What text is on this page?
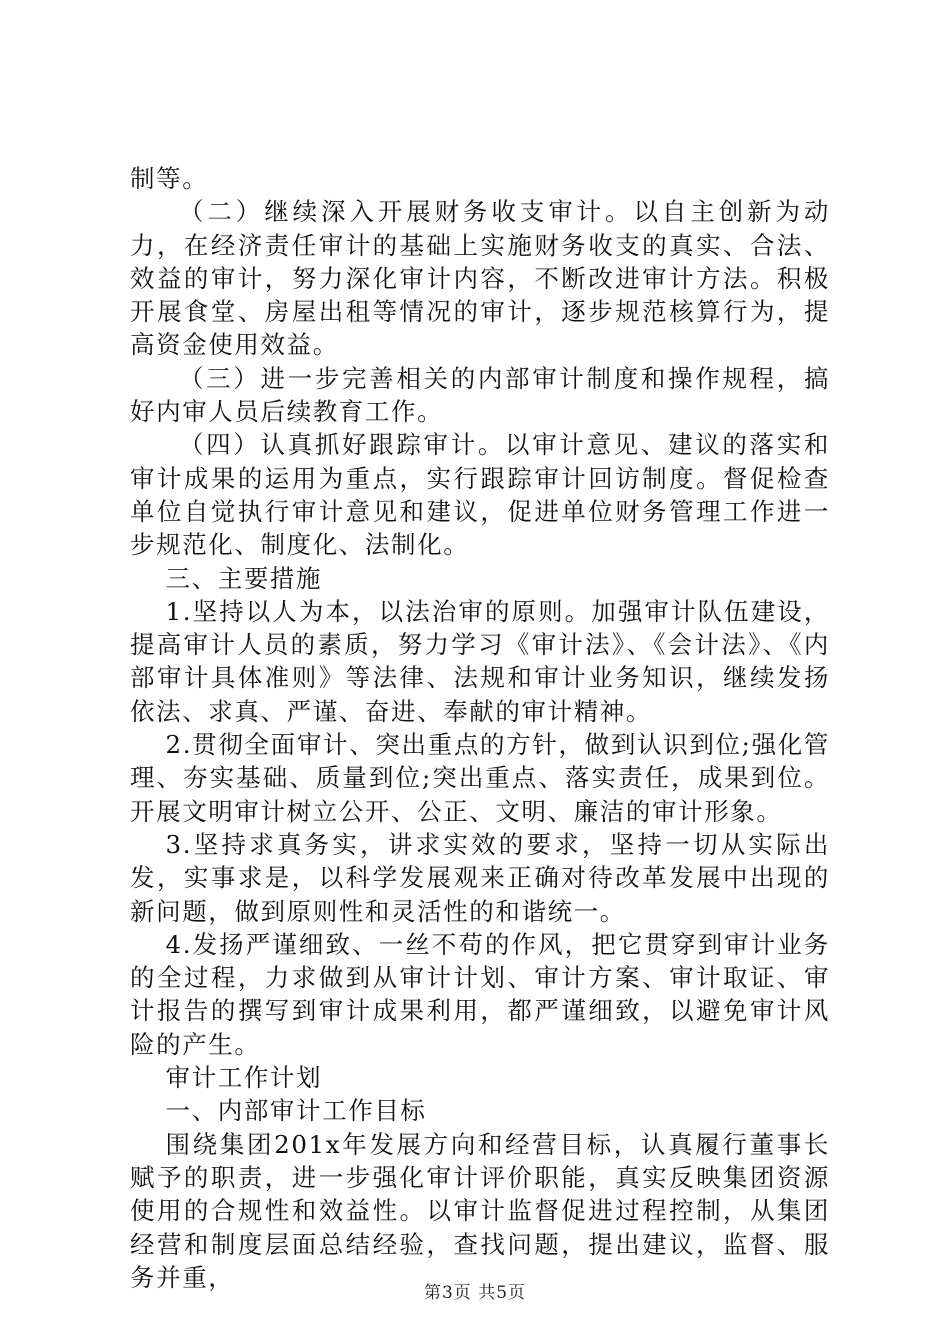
制等。

（二）继续深入开展财务收支审计。以自主创新为动力，在经济责任审计的基础上实施财务收支的真实、合法、效益的审计，努力深化审计内容，不断改进审计方法。积极开展食堂、房屋出租等情况的审计，逐步规范核算行为，提高资金使用效益。

（三）进一步完善相关的内部审计制度和操作规程，搞好内审人员后续教育工作。

（四）认真抓好跟踪审计。以审计意见、建议的落实和审计成果的运用为重点，实行跟踪审计回访制度。督促检查单位自觉执行审计意见和建议，促进单位财务管理工作进一步规范化、制度化、法制化。

三、主要措施

1.坚持以人为本，以法治审的原则。加强审计队伍建设，提高审计人员的素质，努力学习《审计法》、《会计法》、《内部审计具体准则》等法律、法规和审计业务知识，继续发扬依法、求真、严谨、奋进、奉献的审计精神。

2.贯彻全面审计、突出重点的方针，做到认识到位;强化管理、夯实基础、质量到位;突出重点、落实责任，成果到位。开展文明审计树立公开、公正、文明、廉洁的审计形象。

3.坚持求真务实，讲求实效的要求，坚持一切从实际出发，实事求是，以科学发展观来正确对待改革发展中出现的新问题，做到原则性和灵活性的和谐统一。

4.发扬严谨细致、一丝不苟的作风，把它贯穿到审计业务的全过程，力求做到从审计计划、审计方案、审计取证、审计报告的撰写到审计成果利用，都严谨细致，以避免审计风险的产生。

审计工作计划

一、内部审计工作目标

围绕集团201x年发展方向和经营目标，认真履行董事长赋予的职责，进一步强化审计评价职能，真实反映集团资源使用的合规性和效益性。以审计监督促进过程控制，从集团经营和制度层面总结经验，查找问题，提出建议，监督、服务并重，

第3页 共5页
